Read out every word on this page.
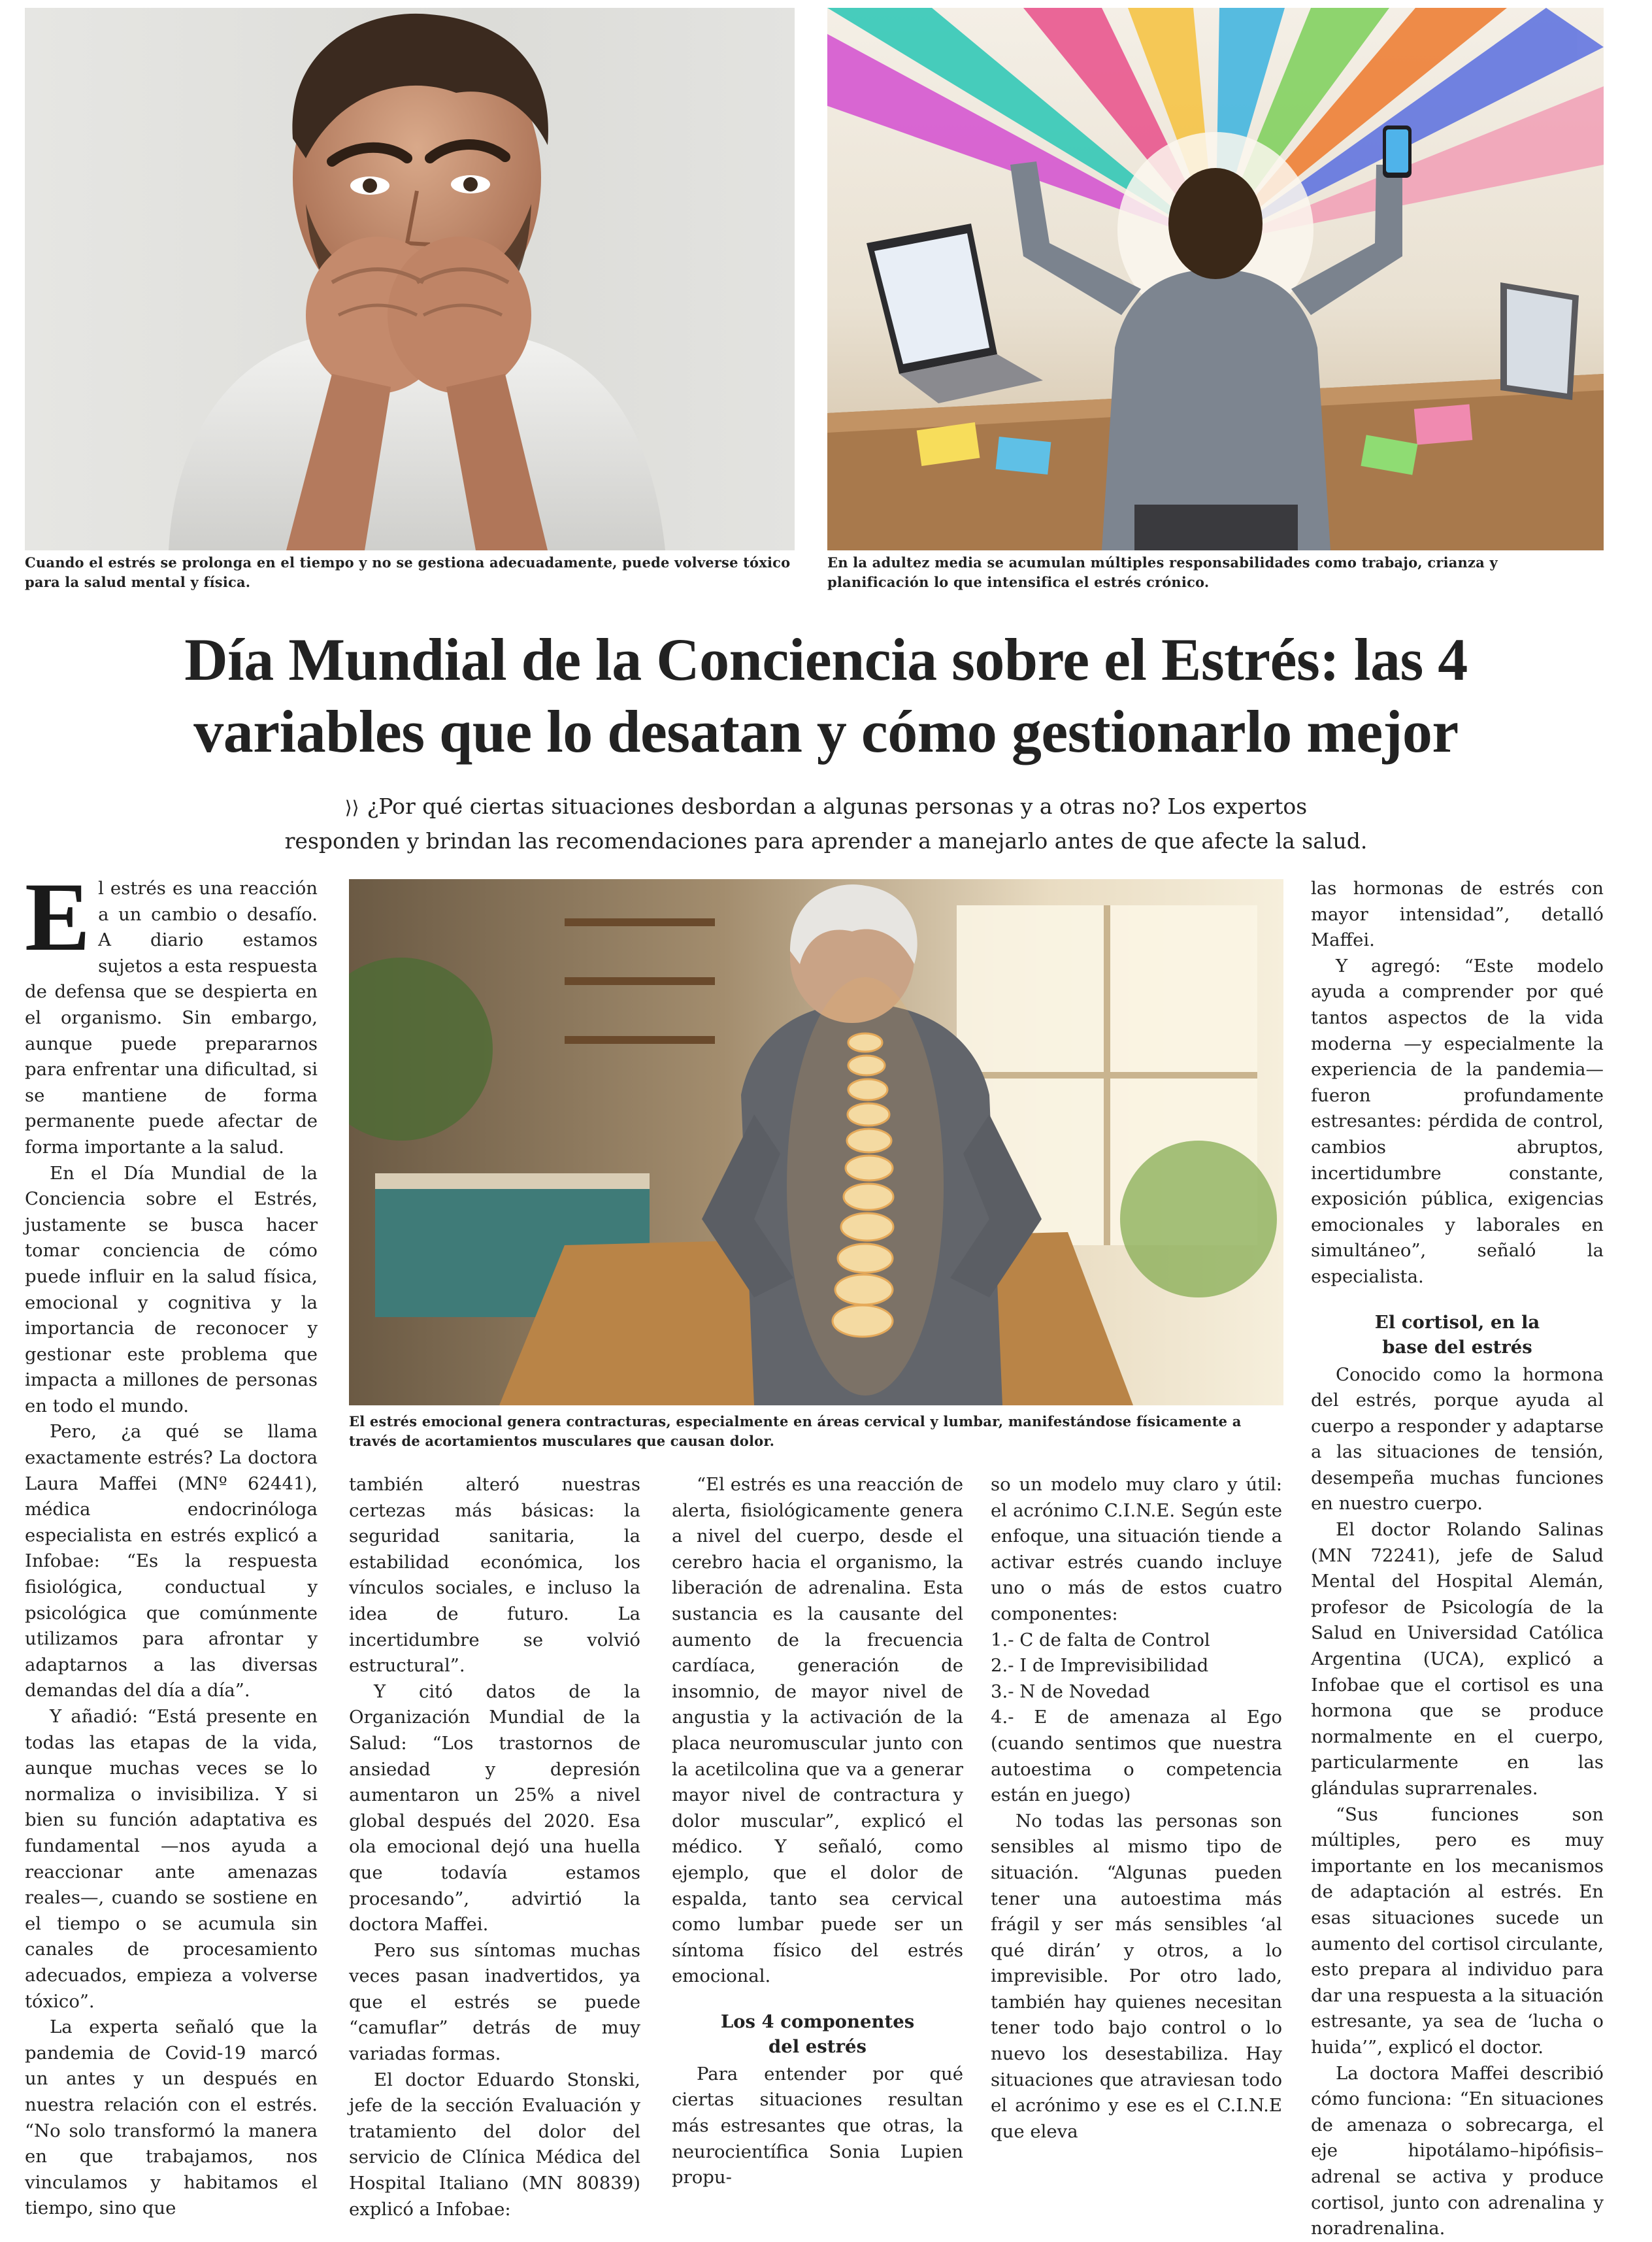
Cuando el estrés se prolonga en el tiempo y no se gestiona adecuadamente, puede volverse tóxico para la salud mental y física.
En la adultez media se acumulan múltiples responsabilidades como trabajo, crianza y planificación lo que intensifica el estrés crónico.
Día Mundial de la Conciencia sobre el Estrés: las 4
variables que lo desatan y cómo gestionarlo mejor
⟩⟩ ¿Por qué ciertas situaciones desbordan a algunas personas y a otras no? Los expertos
responden y brindan las recomendaciones para aprender a manejarlo antes de que afecte la salud.
El estrés emocional genera contracturas, especialmente en áreas cervical y lumbar, manifestándose físicamente a través de acortamientos musculares que causan dolor.

El estrés es una reacción a un cambio o desafío. A diario estamos sujetos a esta respuesta de defensa que se despierta en el organismo. Sin embargo, aunque puede prepararnos para enfrentar una dificultad, si se mantiene de forma permanente puede afectar de forma importante a la salud.

En el Día Mundial de la Conciencia sobre el Estrés, justamente se busca hacer tomar conciencia de cómo puede influir en la salud física, emocional y cognitiva y la importancia de reconocer y gestionar este problema que impacta a millones de personas en todo el mundo.

Pero, ¿a qué se llama exactamente estrés? La doctora Laura Maffei (MNº 62441), médica endocrinóloga especialista en estrés explicó a Infobae: “Es la respuesta fisiológica, conductual y psicológica que comúnmente utilizamos para afrontar y adaptarnos a las diversas demandas del día a día”.

Y añadió: “Está presente en todas las etapas de la vida, aunque muchas veces se lo normaliza o invisibiliza. Y si bien su función adaptativa es fundamental —nos ayuda a reaccionar ante amenazas reales—, cuando se sostiene en el tiempo o se acumula sin canales de procesamiento adecuados, empieza a volverse tóxico”.

La experta señaló que la pandemia de Covid-19 marcó un antes y un después en nuestra relación con el estrés. “No solo transformó la manera en que trabajamos, nos vinculamos y habitamos el tiempo, sino que

también alteró nuestras certezas más básicas: la seguridad sanitaria, la estabilidad económica, los vínculos sociales, e incluso la idea de futuro. La incertidumbre se volvió estructural”.

Y citó datos de la Organización Mundial de la Salud: “Los trastornos de ansiedad y depresión aumentaron un 25% a nivel global después del 2020. Esa ola emocional dejó una huella que todavía estamos procesando”, advirtió la doctora Maffei.

Pero sus síntomas muchas veces pasan inadvertidos, ya que el estrés se puede “camuflar” detrás de muy variadas formas.

El doctor Eduardo Stonski, jefe de la sección Evaluación y tratamiento del dolor del servicio de Clínica Médica del Hospital Italiano (MN 80839) explicó a Infobae:

“El estrés es una reacción de alerta, fisiológicamente genera a nivel del cuerpo, desde el cerebro hacia el organismo, la liberación de adrenalina. Esta sustancia es la causante del aumento de la frecuencia cardíaca, generación de insomnio, de mayor nivel de angustia y la activación de la placa neuromuscular junto con la acetilcolina que va a generar mayor nivel de contractura y dolor muscular”, explicó el médico. Y señaló, como ejemplo, que el dolor de espalda, tanto sea cervical como lumbar puede ser un síntoma físico del estrés emocional.

Los 4 componentes
del estrés

Para entender por qué ciertas situaciones resultan más estresantes que otras, la neurocientífica Sonia Lupien propu-

so un modelo muy claro y útil: el acrónimo C.I.N.E. Según este enfoque, una situación tiende a activar estrés cuando incluye uno o más de estos cuatro componentes:

1.- C de falta de Control
2.- I de Imprevisibilidad
3.- N de Novedad
4.- E de amenaza al Ego (cuando sentimos que nuestra autoestima o competencia están en juego)

No todas las personas son sensibles al mismo tipo de situación. “Algunas pueden tener una autoestima más frágil y ser más sensibles ‘al qué dirán’ y otros, a lo imprevisible. Por otro lado, también hay quienes necesitan tener todo bajo control o lo nuevo los desestabiliza. Hay situaciones que atraviesan todo el acrónimo y ese es el C.I.N.E que eleva

las hormonas de estrés con mayor intensidad”, detalló Maffei.

Y agregó: “Este modelo ayuda a comprender por qué tantos aspectos de la vida moderna —y especialmente la experiencia de la pandemia— fueron profundamente estresantes: pérdida de control, cambios abruptos, incertidumbre constante, exposición pública, exigencias emocionales y laborales en simultáneo”, señaló la especialista.

El cortisol, en la
base del estrés

Conocido como la hormona del estrés, porque ayuda al cuerpo a responder y adaptarse a las situaciones de tensión, desempeña muchas funciones en nuestro cuerpo.

El doctor Rolando Salinas (MN 72241), jefe de Salud Mental del Hospital Alemán, profesor de Psicología de la Salud en Universidad Católica Argentina (UCA), explicó a Infobae que el cortisol es una hormona que se produce normalmente en el cuerpo, particularmente en las glándulas suprarrenales.

“Sus funciones son múltiples, pero es muy importante en los mecanismos de adaptación al estrés. En esas situaciones sucede un aumento del cortisol circulante, esto prepara al individuo para dar una respuesta a la situación estresante, ya sea de ‘lucha o huida’”, explicó el doctor.

La doctora Maffei describió cómo funciona: “En situaciones de amenaza o sobrecarga, el eje hipotálamo–hipófisis–adrenal se activa y produce cortisol, junto con adrenalina y noradrenalina.
